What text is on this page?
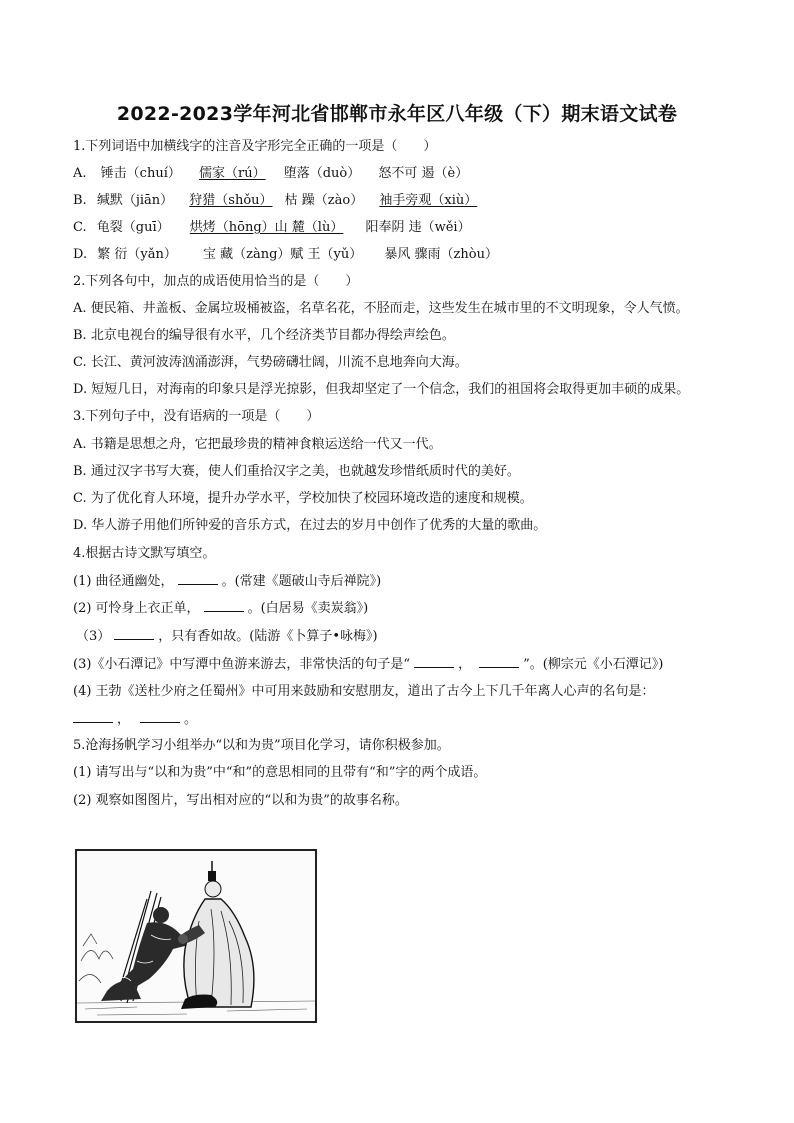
2022-2023学年河北省邯郸市永年区八年级（下）期末语文试卷
1.下列词语中加横线字的注音及字形完全正确的一项是（　　）
A. 锤击（chuí） 儒家（rú） 堕落（duò） 怒不可 遏（è）
B. 缄默（jiān） 狩猎（shǒu） 枯 躁（zào） 袖手旁观（xiù）
C. 龟裂（guī） 烘烤（hōng）山 麓（lù） 阳奉阴 违（wěi）
D. 繁 衍（yǎn） 宝 藏（zàng）赋 王（yǔ） 暴风 骤雨（zhòu）
2.下列各句中，加点的成语使用恰当的是（　　）
A. 便民箱、井盖板、金属垃圾桶被盗，名草名花，不胫而走，这些发生在城市里的不文明现象，令人气愤。
B. 北京电视台的编导很有水平，几个经济类节目都办得绘声绘色。
C. 长江、黄河波涛汹涌澎湃，气势磅礴壮阔，川流不息地奔向大海。
D. 短短几日，对海南的印象只是浮光掠影，但我却坚定了一个信念，我们的祖国将会取得更加丰硕的成果。
3.下列句子中，没有语病的一项是（　　）
A. 书籍是思想之舟，它把最珍贵的精神食粮运送给一代又一代。
B. 通过汉字书写大赛，使人们重拾汉字之美，也就越发珍惜纸质时代的美好。
C. 为了优化育人环境，提升办学水平，学校加快了校园环境改造的速度和规模。
D. 华人游子用他们所钟爱的音乐方式，在过去的岁月中创作了优秀的大量的歌曲。
4.根据古诗文默写填空。
(1) 曲径通幽处，	。(常建《题破山寺后禅院》)
(2) 可怜身上衣正单，	。(白居易《卖炭翁》)
（3）	，只有香如故。(陆游《卜算子•咏梅》)
(3)《小石潭记》中写潭中鱼游来游去，非常快活的句子是“	，	”。(柳宗元《小石潭记》)
(4) 王勃《送杜少府之任蜀州》中可用来鼓励和安慰朋友，道出了古今上下几千年离人心声的名句是：
，	。
5.沧海扬帆学习小组举办“以和为贵”项目化学习，请你积极参加。
(1) 请写出与“以和为贵”中“和”的意思相同的且带有“和”字的两个成语。
(2) 观察如图图片，写出相对应的“以和为贵”的故事名称。
